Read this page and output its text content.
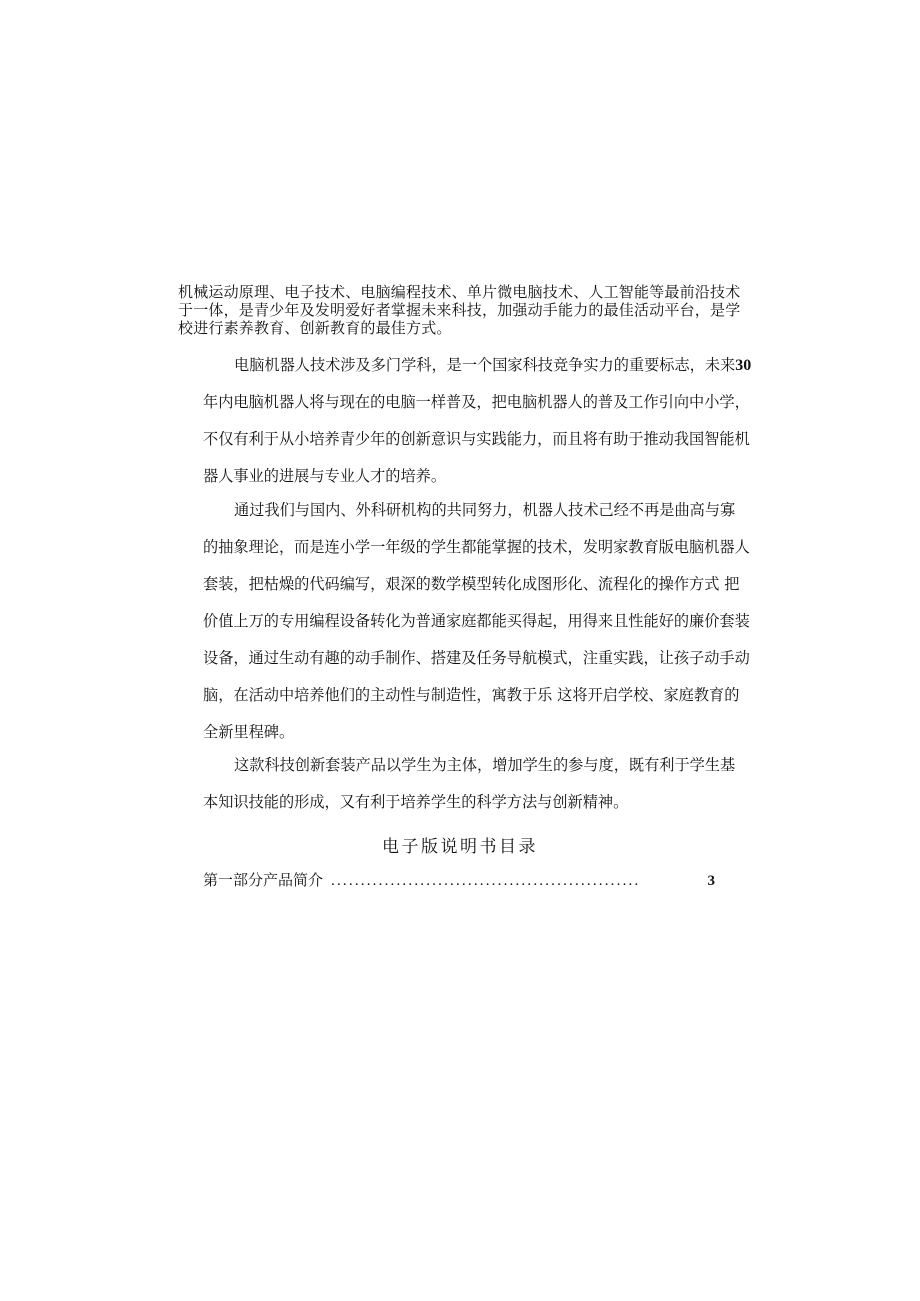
机械运动原理、电子技术、电脑编程技术、单片微电脑技术、人工智能等最前沿技术
于一体，是青少年及发明爱好者掌握未来科技，加强动手能力的最佳活动平台，是学
校进行素养教育、创新教育的最佳方式。
电脑机器人技术涉及多门学科，是一个国家科技竞争实力的重要标志，未来30
年内电脑机器人将与现在的电脑一样普及，把电脑机器人的普及工作引向中小学，
不仅有利于从小培养青少年的创新意识与实践能力，而且将有助于推动我国智能机
器人事业的进展与专业人才的培养。
通过我们与国内、外科研机构的共同努力，机器人技术己经不再是曲高与寡
的抽象理论，而是连小学一年级的学生都能掌握的技术，发明家教育版电脑机器人
套装，把枯燥的代码编写，艰深的数学模型转化成图形化、流程化的操作方式 把
价值上万的专用编程设备转化为普通家庭都能买得起，用得来且性能好的廉价套装
设备，通过生动有趣的动手制作、搭建及任务导航模式，注重实践，让孩子动手动
脑，在活动中培养他们的主动性与制造性，寓教于乐 这将开启学校、家庭教育的
全新里程碑。
这款科技创新套装产品以学生为主体，增加学生的参与度，既有利于学生基
本知识技能的形成，又有利于培养学生的科学方法与创新精神。
电子版说明书目录
第一部分产品简介 ....................................................	3
